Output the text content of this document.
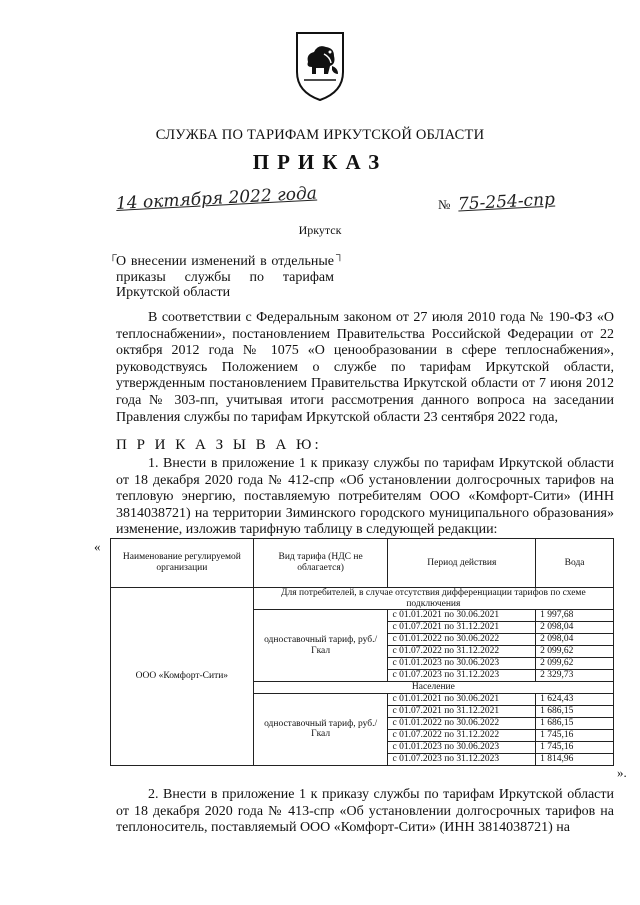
СЛУЖБА ПО ТАРИФАМ ИРКУТСКОЙ ОБЛАСТИ
ПРИКАЗ
14 октября 2022 года	№ 75-254-спр
Иркутск
┌	┐
О внесении изменений в отдельные приказы службы по тарифам Иркутской области
В соответствии с Федеральным законом от 27 июля 2010 года № 190-ФЗ «О теплоснабжении», постановлением Правительства Российской Федерации от 22 октября 2012 года № 1075 «О ценообразовании в сфере теплоснабжения», руководствуясь Положением о службе по тарифам Иркутской области, утвержденным постановлением Правительства Иркутской области от 7 июня 2012 года № 303-пп, учитывая итоги рассмотрения данного вопроса на заседании Правления службы по тарифам Иркутской области 23 сентября 2022 года,
П Р И К А З Ы В А Ю:
1. Внести в приложение 1 к приказу службы по тарифам Иркутской области от 18 декабря 2020 года № 412-спр «Об установлении долгосрочных тарифов на тепловую энергию, поставляемую потребителям ООО «Комфорт-Сити» (ИНН 3814038721) на территории Зиминского городского муниципального образования» изменение, изложив тарифную таблицу в следующей редакции:
«
Наименование регулируемой организации	Вид тарифа (НДС не облагается)	Период действия	Вода
ООО «Комфорт-Сити»	Для потребителей, в случае отсутствия дифференциации тарифов по схеме подключения		
	одноставочный тариф, руб./Гкал	с 01.01.2021 по 30.06.2021	1 997,68
		с 01.07.2021 по 31.12.2021	2 098,04
		с 01.01.2022 по 30.06.2022	2 098,04
		с 01.07.2022 по 31.12.2022	2 099,62
		с 01.01.2023 по 30.06.2023	2 099,62
		с 01.07.2023 по 31.12.2023	2 329,73
	Население		
	одноставочный тариф, руб./Гкал	с 01.01.2021 по 30.06.2021	1 624,43
		с 01.07.2021 по 31.12.2021	1 686,15
		с 01.01.2022 по 30.06.2022	1 686,15
		с 01.07.2022 по 31.12.2022	1 745,16
		с 01.01.2023 по 30.06.2023	1 745,16
		с 01.07.2023 по 31.12.2023	1 814,96
».
2. Внести в приложение 1 к приказу службы по тарифам Иркутской области от 18 декабря 2020 года № 413-спр «Об установлении долгосрочных тарифов на теплоноситель, поставляемый ООО «Комфорт-Сити» (ИНН 3814038721) на
